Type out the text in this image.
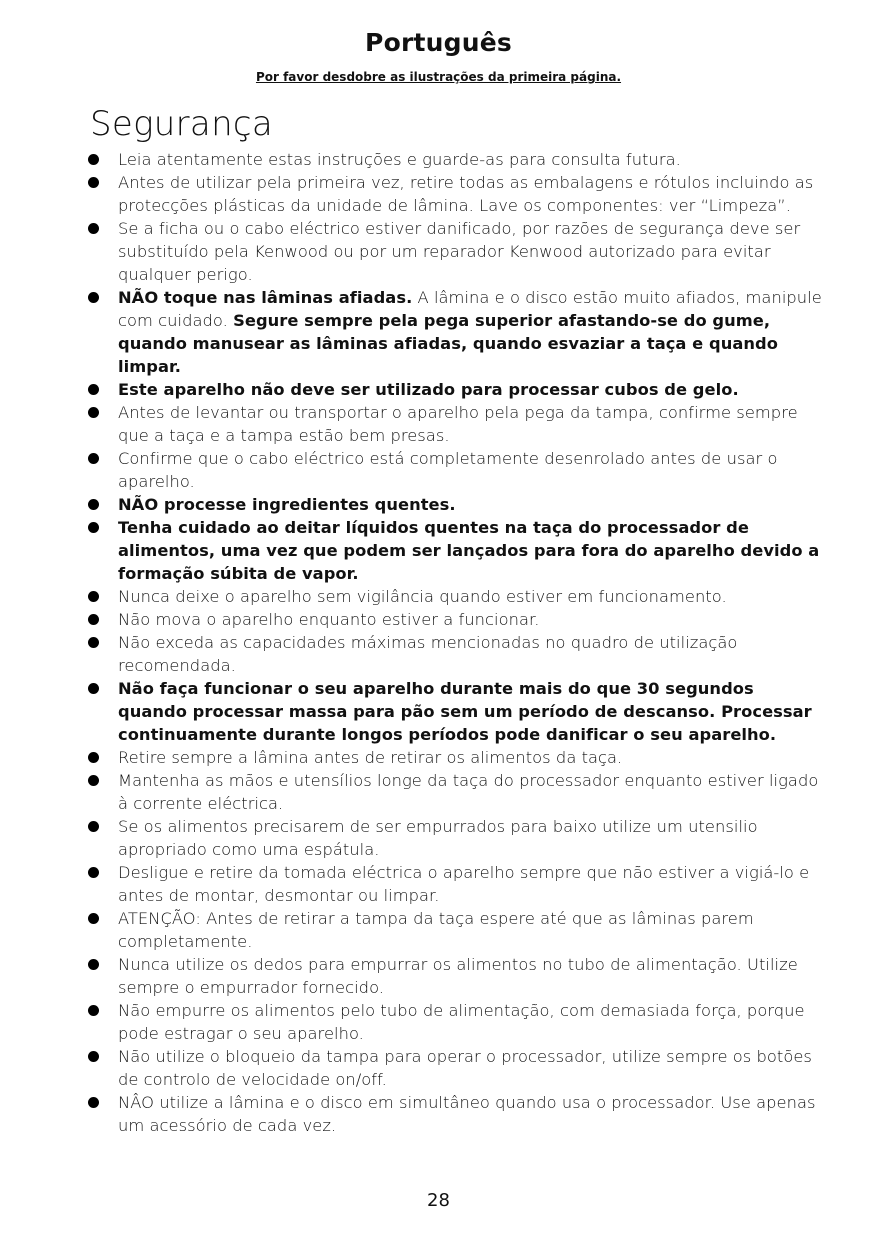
Português

Por favor desdobre as ilustrações da primeira página.

Segurança
Leia atentamente estas instruções e guarde-as para consulta futura.
Antes de utilizar pela primeira vez, retire todas as embalagens e rótulos incluindo as protecções plásticas da unidade de lâmina. Lave os componentes: ver “Limpeza”.
Se a ficha ou o cabo eléctrico estiver danificado, por razões de segurança deve ser substituído pela Kenwood ou por um reparador Kenwood autorizado para evitar qualquer perigo.
NÃO toque nas lâminas afiadas. A lâmina e o disco estão muito afiados, manipule com cuidado. Segure sempre pela pega superior afastando-se do gume, quando manusear as lâminas afiadas, quando esvaziar a taça e quando limpar.
Este aparelho não deve ser utilizado para processar cubos de gelo.
Antes de levantar ou transportar o aparelho pela pega da tampa, confirme sempre que a taça e a tampa estão bem presas.
Confirme que o cabo eléctrico está completamente desenrolado antes de usar o aparelho.
NÃO processe ingredientes quentes.
Tenha cuidado ao deitar líquidos quentes na taça do processador de alimentos, uma vez que podem ser lançados para fora do aparelho devido a formação súbita de vapor.
Nunca deixe o aparelho sem vigilância quando estiver em funcionamento.
Não mova o aparelho enquanto estiver a funcionar.
Não exceda as capacidades máximas mencionadas no quadro de utilização recomendada.
Não faça funcionar o seu aparelho durante mais do que 30 segundos quando processar massa para pão sem um período de descanso. Processar continuamente durante longos períodos pode danificar o seu aparelho.
Retire sempre a lâmina antes de retirar os alimentos da taça.
Mantenha as mãos e utensílios longe da taça do processador enquanto estiver ligado à corrente eléctrica.
Se os alimentos precisarem de ser empurrados para baixo utilize um utensilio apropriado como uma espátula.
Desligue e retire da tomada eléctrica o aparelho sempre que não estiver a vigiá-lo e antes de montar, desmontar ou limpar.
ATENÇÃO: Antes de retirar a tampa da taça espere até que as lâminas parem completamente.
Nunca utilize os dedos para empurrar os alimentos no tubo de alimentação. Utilize sempre o empurrador fornecido.
Não empurre os alimentos pelo tubo de alimentação, com demasiada força, porque pode estragar o seu aparelho.
Não utilize o bloqueio da tampa para operar o processador, utilize sempre os botões de controlo de velocidade on/off.
NÂO utilize a lâmina e o disco em simultâneo quando usa o processador. Use apenas um acessório de cada vez.

28
